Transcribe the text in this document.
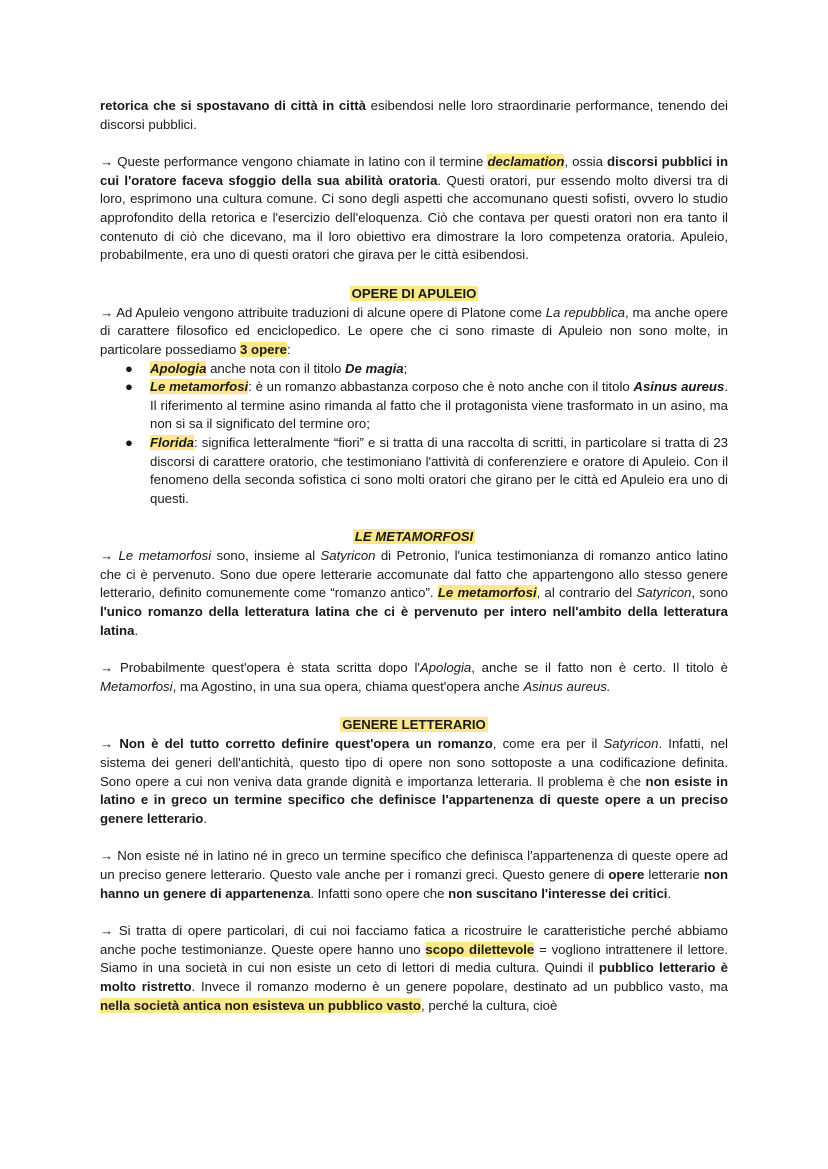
retorica che si spostavano di città in città esibendosi nelle loro straordinarie performance, tenendo dei discorsi pubblici.

→ Queste performance vengono chiamate in latino con il termine declamation, ossia discorsi pubblici in cui l'oratore faceva sfoggio della sua abilità oratoria. Questi oratori, pur essendo molto diversi tra di loro, esprimono una cultura comune. Ci sono degli aspetti che accomunano questi sofisti, ovvero lo studio approfondito della retorica e l'esercizio dell'eloquenza. Ciò che contava per questi oratori non era tanto il contenuto di ciò che dicevano, ma il loro obiettivo era dimostrare la loro competenza oratoria. Apuleio, probabilmente, era uno di questi oratori che girava per le città esibendosi.

OPERE DI APULEIO

→ Ad Apuleio vengono attribuite traduzioni di alcune opere di Platone come La repubblica, ma anche opere di carattere filosofico ed enciclopedico. Le opere che ci sono rimaste di Apuleio non sono molte, in particolare possediamo 3 opere:

● Apologia anche nota con il titolo De magia;
● Le metamorfosi: è un romanzo abbastanza corposo che è noto anche con il titolo Asinus aureus. Il riferimento al termine asino rimanda al fatto che il protagonista viene trasformato in un asino, ma non si sa il significato del termine oro;
● Florida: significa letteralmente “fiori” e si tratta di una raccolta di scritti, in particolare si tratta di 23 discorsi di carattere oratorio, che testimoniano l'attività di conferenziere e oratore di Apuleio. Con il fenomeno della seconda sofistica ci sono molti oratori che girano per le città ed Apuleio era uno di questi.

LE METAMORFOSI

→ Le metamorfosi sono, insieme al Satyricon di Petronio, l'unica testimonianza di romanzo antico latino che ci è pervenuto. Sono due opere letterarie accomunate dal fatto che appartengono allo stesso genere letterario, definito comunemente come “romanzo antico”. Le metamorfosi, al contrario del Satyricon, sono l'unico romanzo della letteratura latina che ci è pervenuto per intero nell'ambito della letteratura latina.

→ Probabilmente quest'opera è stata scritta dopo l'Apologia, anche se il fatto non è certo. Il titolo è Metamorfosi, ma Agostino, in una sua opera, chiama quest'opera anche Asinus aureus.

GENERE LETTERARIO

→ Non è del tutto corretto definire quest'opera un romanzo, come era per il Satyricon. Infatti, nel sistema dei generi dell'antichità, questo tipo di opere non sono sottoposte a una codificazione definita. Sono opere a cui non veniva data grande dignità e importanza letteraria. Il problema è che non esiste in latino e in greco un termine specifico che definisce l'appartenenza di queste opere a un preciso genere letterario.

→ Non esiste né in latino né in greco un termine specifico che definisca l'appartenenza di queste opere ad un preciso genere letterario. Questo vale anche per i romanzi greci. Questo genere di opere letterarie non hanno un genere di appartenenza. Infatti sono opere che non suscitano l'interesse dei critici.

→ Si tratta di opere particolari, di cui noi facciamo fatica a ricostruire le caratteristiche perché abbiamo anche poche testimonianze. Queste opere hanno uno scopo dilettevole = vogliono intrattenere il lettore. Siamo in una società in cui non esiste un ceto di lettori di media cultura. Quindi il pubblico letterario è molto ristretto. Invece il romanzo moderno è un genere popolare, destinato ad un pubblico vasto, ma nella società antica non esisteva un pubblico vasto, perché la cultura, cioè
